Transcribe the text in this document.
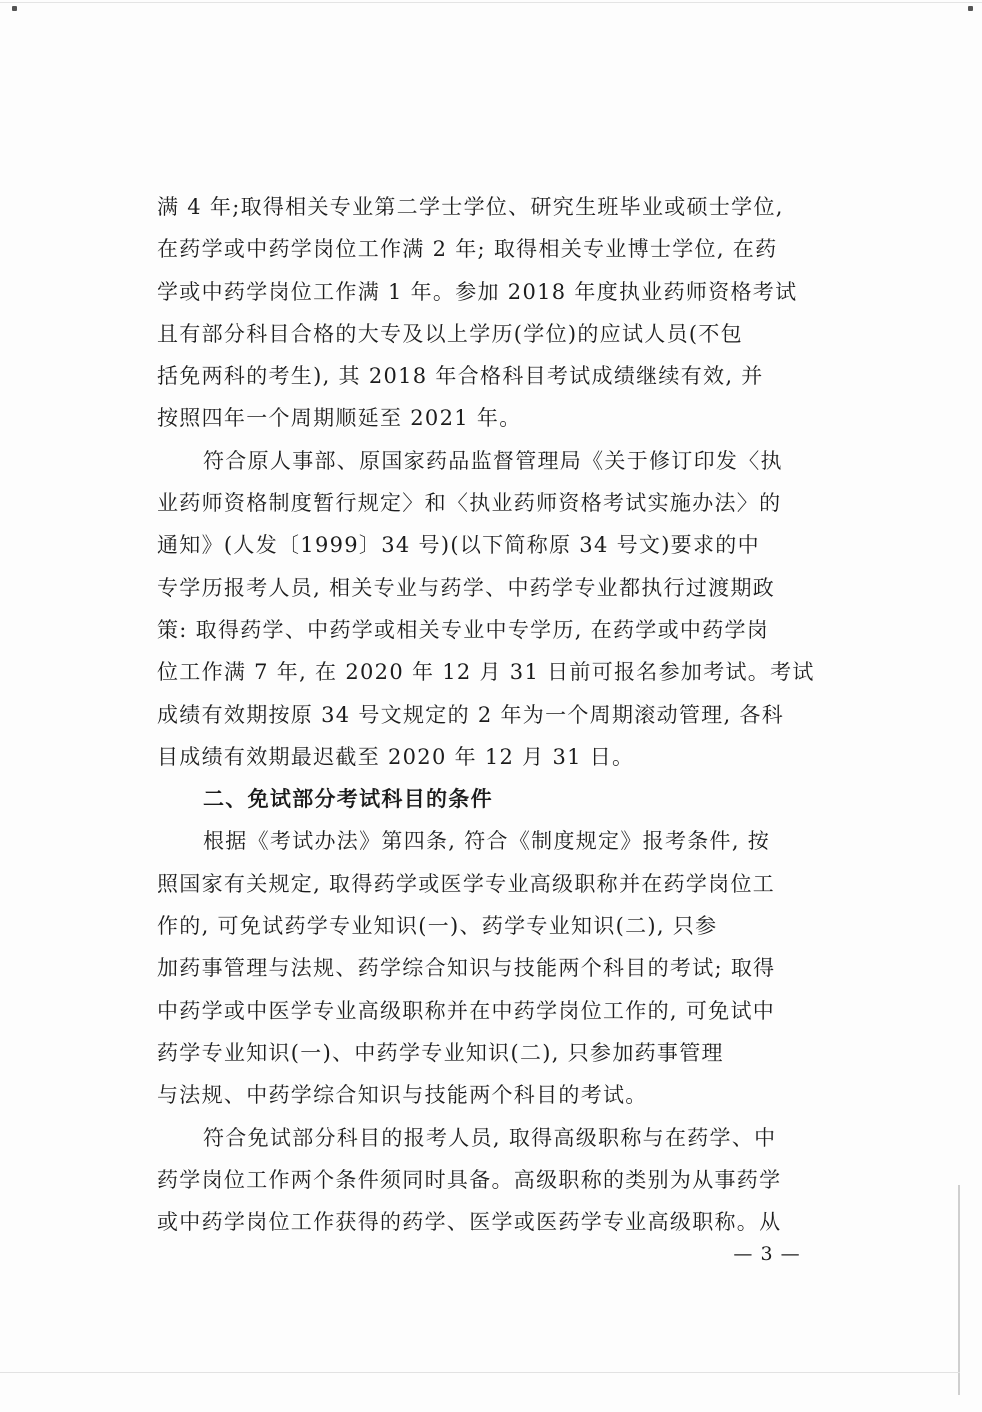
满 4 年;取得相关专业第二学士学位、研究生班毕业或硕士学位,
在药学或中药学岗位工作满 2 年; 取得相关专业博士学位, 在药
学或中药学岗位工作满 1 年。参加 2018 年度执业药师资格考试
且有部分科目合格的大专及以上学历(学位)的应试人员(不包
括免两科的考生), 其 2018 年合格科目考试成绩继续有效, 并
按照四年一个周期顺延至 2021 年。
符合原人事部、原国家药品监督管理局《关于修订印发〈执
业药师资格制度暂行规定〉和〈执业药师资格考试实施办法〉的
通知》(人发〔1999〕34 号)(以下简称原 34 号文)要求的中
专学历报考人员, 相关专业与药学、中药学专业都执行过渡期政
策: 取得药学、中药学或相关专业中专学历, 在药学或中药学岗
位工作满 7 年, 在 2020 年 12 月 31 日前可报名参加考试。考试
成绩有效期按原 34 号文规定的 2 年为一个周期滚动管理, 各科
目成绩有效期最迟截至 2020 年 12 月 31 日。
二、免试部分考试科目的条件
根据《考试办法》第四条, 符合《制度规定》报考条件, 按
照国家有关规定, 取得药学或医学专业高级职称并在药学岗位工
作的, 可免试药学专业知识(一)、药学专业知识(二), 只参
加药事管理与法规、药学综合知识与技能两个科目的考试; 取得
中药学或中医学专业高级职称并在中药学岗位工作的, 可免试中
药学专业知识(一)、中药学专业知识(二), 只参加药事管理
与法规、中药学综合知识与技能两个科目的考试。
符合免试部分科目的报考人员, 取得高级职称与在药学、中
药学岗位工作两个条件须同时具备。高级职称的类别为从事药学
或中药学岗位工作获得的药学、医学或医药学专业高级职称。从
— 3 —
